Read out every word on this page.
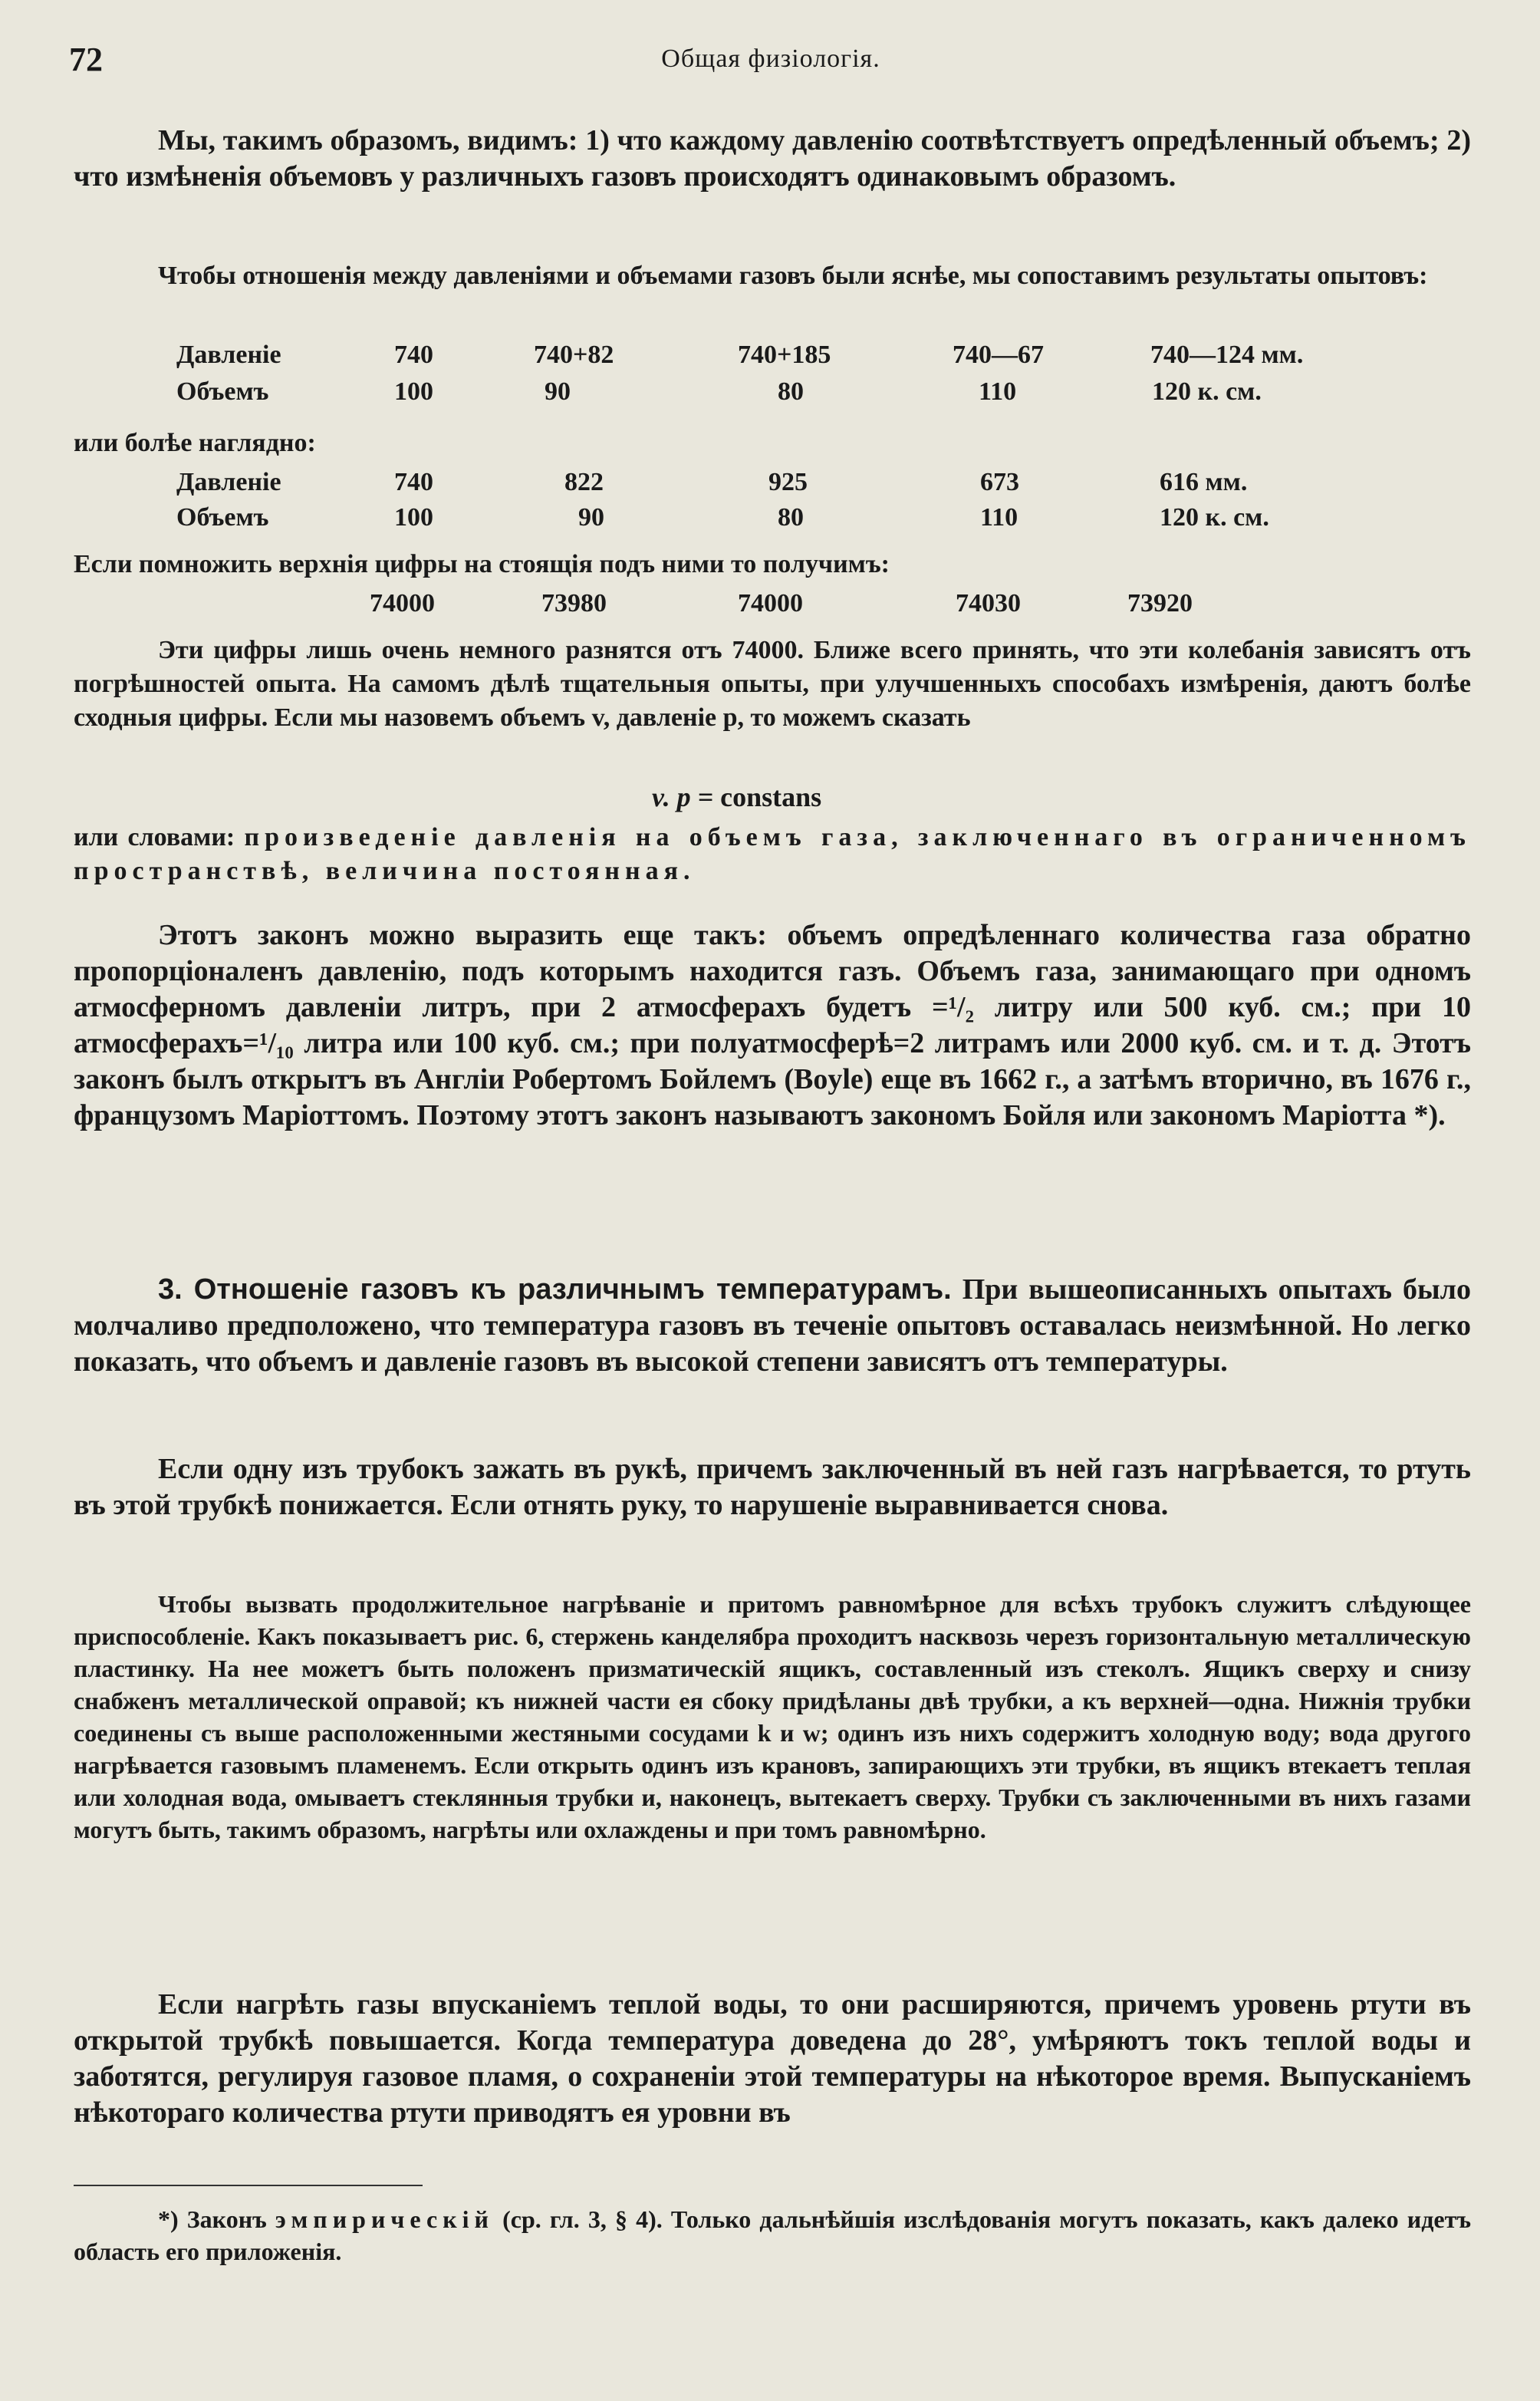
72	Общая физiологiя.
Мы, такимъ образомъ, видимъ: 1) что каждому давленiю соотвѣтствуетъ опредѣленный объемъ; 2) что измѣненiя объемовъ у различныхъ газовъ происходятъ одинаковымъ образомъ.
Чтобы отношенiя между давленiями и объемами газовъ были яснѣе, мы сопоставимъ результаты опытовъ:
Давленiе	740	740+82	740+185	740—67	740—124 мм.
Объемъ	100	90	80	110	120 к. см.
или болѣе наглядно:
Давленiе	740	822	925	673	616 мм.
Объемъ	100	90	80	110	120 к. см.
Если помножить верхнiя цифры на стоящiя подъ ними то получимъ:
74000	73980	74000	74030	73920
Эти цифры лишь очень немного разнятся отъ 74000. Ближе всего принять, что эти колебанiя зависятъ отъ погрѣшностей опыта. На самомъ дѣлѣ тщательныя опыты, при улучшенныхъ способахъ измѣренiя, даютъ болѣе сходныя цифры. Если мы назовемъ объемъ v, давленiе p, то можемъ сказать
v. p = constans
или словами: произведенiе давленiя на объемъ газа, заключеннаго въ ограниченномъ пространствѣ, величина постоянная.
Этотъ законъ можно выразить еще такъ: объемъ опредѣленнаго количества газа обратно пропорцiоналенъ давленiю, подъ которымъ находится газъ. Объемъ газа, занимающаго при одномъ атмосферномъ давленiи литръ, при 2 атмосферахъ будетъ =¹/₂ литру или 500 куб. см.; при 10 атмосферахъ=¹/₁₀ литра или 100 куб. см.; при полуатмосферѣ=2 литрамъ или 2000 куб. см. и т. д. Этотъ законъ былъ открытъ въ Англiи Робертомъ Бойлемъ (Boyle) еще въ 1662 г., а затѣмъ вторично, въ 1676 г., французомъ Марiоттомъ. Поэтому этотъ законъ называютъ закономъ Бойля или закономъ Марiотта *).
3. Отношенiе газовъ къ различнымъ температурамъ. При вышеописанныхъ опытахъ было молчаливо предположено, что температура газовъ въ теченiе опытовъ оставалась неизмѣнной. Но легко показать, что объемъ и давленiе газовъ въ высокой степени зависятъ отъ температуры.
Если одну изъ трубокъ зажать въ рукѣ, причемъ заключенный въ ней газъ нагрѣвается, то ртуть въ этой трубкѣ понижается. Если отнять руку, то нарушенiе выравнивается снова.
Чтобы вызвать продолжительное нагрѣванiе и притомъ равномѣрное для всѣхъ трубокъ служитъ слѣдующее приспособленiе. Какъ показываетъ рис. 6, стержень канделябра проходитъ насквозь черезъ горизонтальную металлическую пластинку. На нее можетъ быть положенъ призматическiй ящикъ, составленный изъ стеколъ. Ящикъ сверху и снизу снабженъ металлической оправой; къ нижней части ея сбоку придѣланы двѣ трубки, а къ верхней—одна. Нижнiя трубки соединены съ выше расположенными жестяными сосудами k и w; одинъ изъ нихъ содержитъ холодную воду; вода другого нагрѣвается газовымъ пламенемъ. Если открыть одинъ изъ крановъ, запирающихъ эти трубки, въ ящикъ втекаетъ теплая или холодная вода, омываетъ стеклянныя трубки и, наконецъ, вытекаетъ сверху. Трубки съ заключенными въ нихъ газами могутъ быть, такимъ образомъ, нагрѣты или охлаждены и при томъ равномѣрно.
Если нагрѣть газы впусканiемъ теплой воды, то они расширяются, причемъ уровень ртути въ открытой трубкѣ повышается. Когда температура доведена до 28°, умѣряютъ токъ теплой воды и заботятся, регулируя газовое пламя, о сохраненiи этой температуры на нѣкоторое время. Выпусканiемъ нѣкотораго количества ртути приводятъ ея уровни въ
*) Законъ эмпирическiй (ср. гл. 3, § 4). Только дальнѣйшiя изслѣдованiя могутъ показать, какъ далеко идетъ область его приложенiя.
